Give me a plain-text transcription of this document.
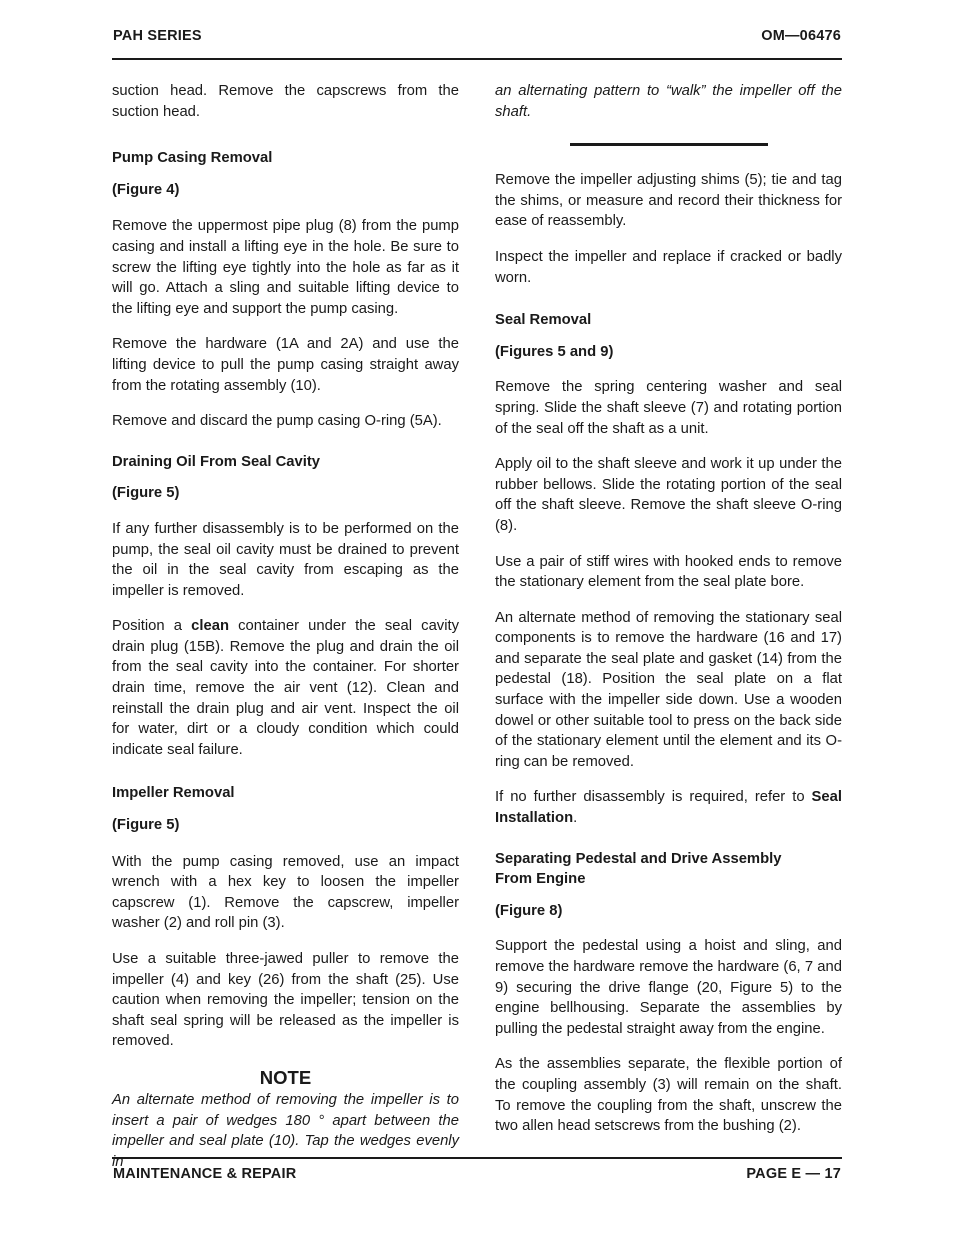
PAH SERIES	OM—06476

suction head. Remove the capscrews from the suction head.

Pump Casing Removal
(Figure 4)

Remove the uppermost pipe plug (8) from the pump casing and install a lifting eye in the hole. Be sure to screw the lifting eye tightly into the hole as far as it will go. Attach a sling and suitable lifting device to the lifting eye and support the pump casing.

Remove the hardware (1A and 2A) and use the lifting device to pull the pump casing straight away from the rotating assembly (10).

Remove and discard the pump casing O-ring (5A).

Draining Oil From Seal Cavity
(Figure 5)

If any further disassembly is to be performed on the pump, the seal oil cavity must be drained to prevent the oil in the seal cavity from escaping as the impeller is removed.

Position a clean container under the seal cavity drain plug (15B). Remove the plug and drain the oil from the seal cavity into the container. For shorter drain time, remove the air vent (12). Clean and reinstall the drain plug and air vent. Inspect the oil for water, dirt or a cloudy condition which could indicate seal failure.

Impeller Removal
(Figure 5)

With the pump casing removed, use an impact wrench with a hex key to loosen the impeller capscrew (1). Remove the capscrew, impeller washer (2) and roll pin (3).

Use a suitable three-jawed puller to remove the impeller (4) and key (26) from the shaft (25). Use caution when removing the impeller; tension on the shaft seal spring will be released as the impeller is removed.

NOTE

An alternate method of removing the impeller is to insert a pair of wedges 180 ° apart between the impeller and seal plate (10). Tap the wedges evenly in

an alternating pattern to “walk” the impeller off the shaft.

Remove the impeller adjusting shims (5); tie and tag the shims, or measure and record their thickness for ease of reassembly.

Inspect the impeller and replace if cracked or badly worn.

Seal Removal
(Figures 5 and 9)

Remove the spring centering washer and seal spring. Slide the shaft sleeve (7) and rotating portion of the seal off the shaft as a unit.

Apply oil to the shaft sleeve and work it up under the rubber bellows. Slide the rotating portion of the seal off the shaft sleeve. Remove the shaft sleeve O-ring (8).

Use a pair of stiff wires with hooked ends to remove the stationary element from the seal plate bore.

An alternate method of removing the stationary seal components is to remove the hardware (16 and 17) and separate the seal plate and gasket (14) from the pedestal (18). Position the seal plate on a flat surface with the impeller side down. Use a wooden dowel or other suitable tool to press on the back side of the stationary element until the element and its O-ring can be removed.

If no further disassembly is required, refer to Seal Installation.

Separating Pedestal and Drive Assembly From Engine
(Figure 8)

Support the pedestal using a hoist and sling, and remove the hardware remove the hardware (6, 7 and 9) securing the drive flange (20, Figure 5) to the engine bellhousing. Separate the assemblies by pulling the pedestal straight away from the engine.

As the assemblies separate, the flexible portion of the coupling assembly (3) will remain on the shaft. To remove the coupling from the shaft, unscrew the two allen head setscrews from the bushing (2).

MAINTENANCE & REPAIR	PAGE E — 17
